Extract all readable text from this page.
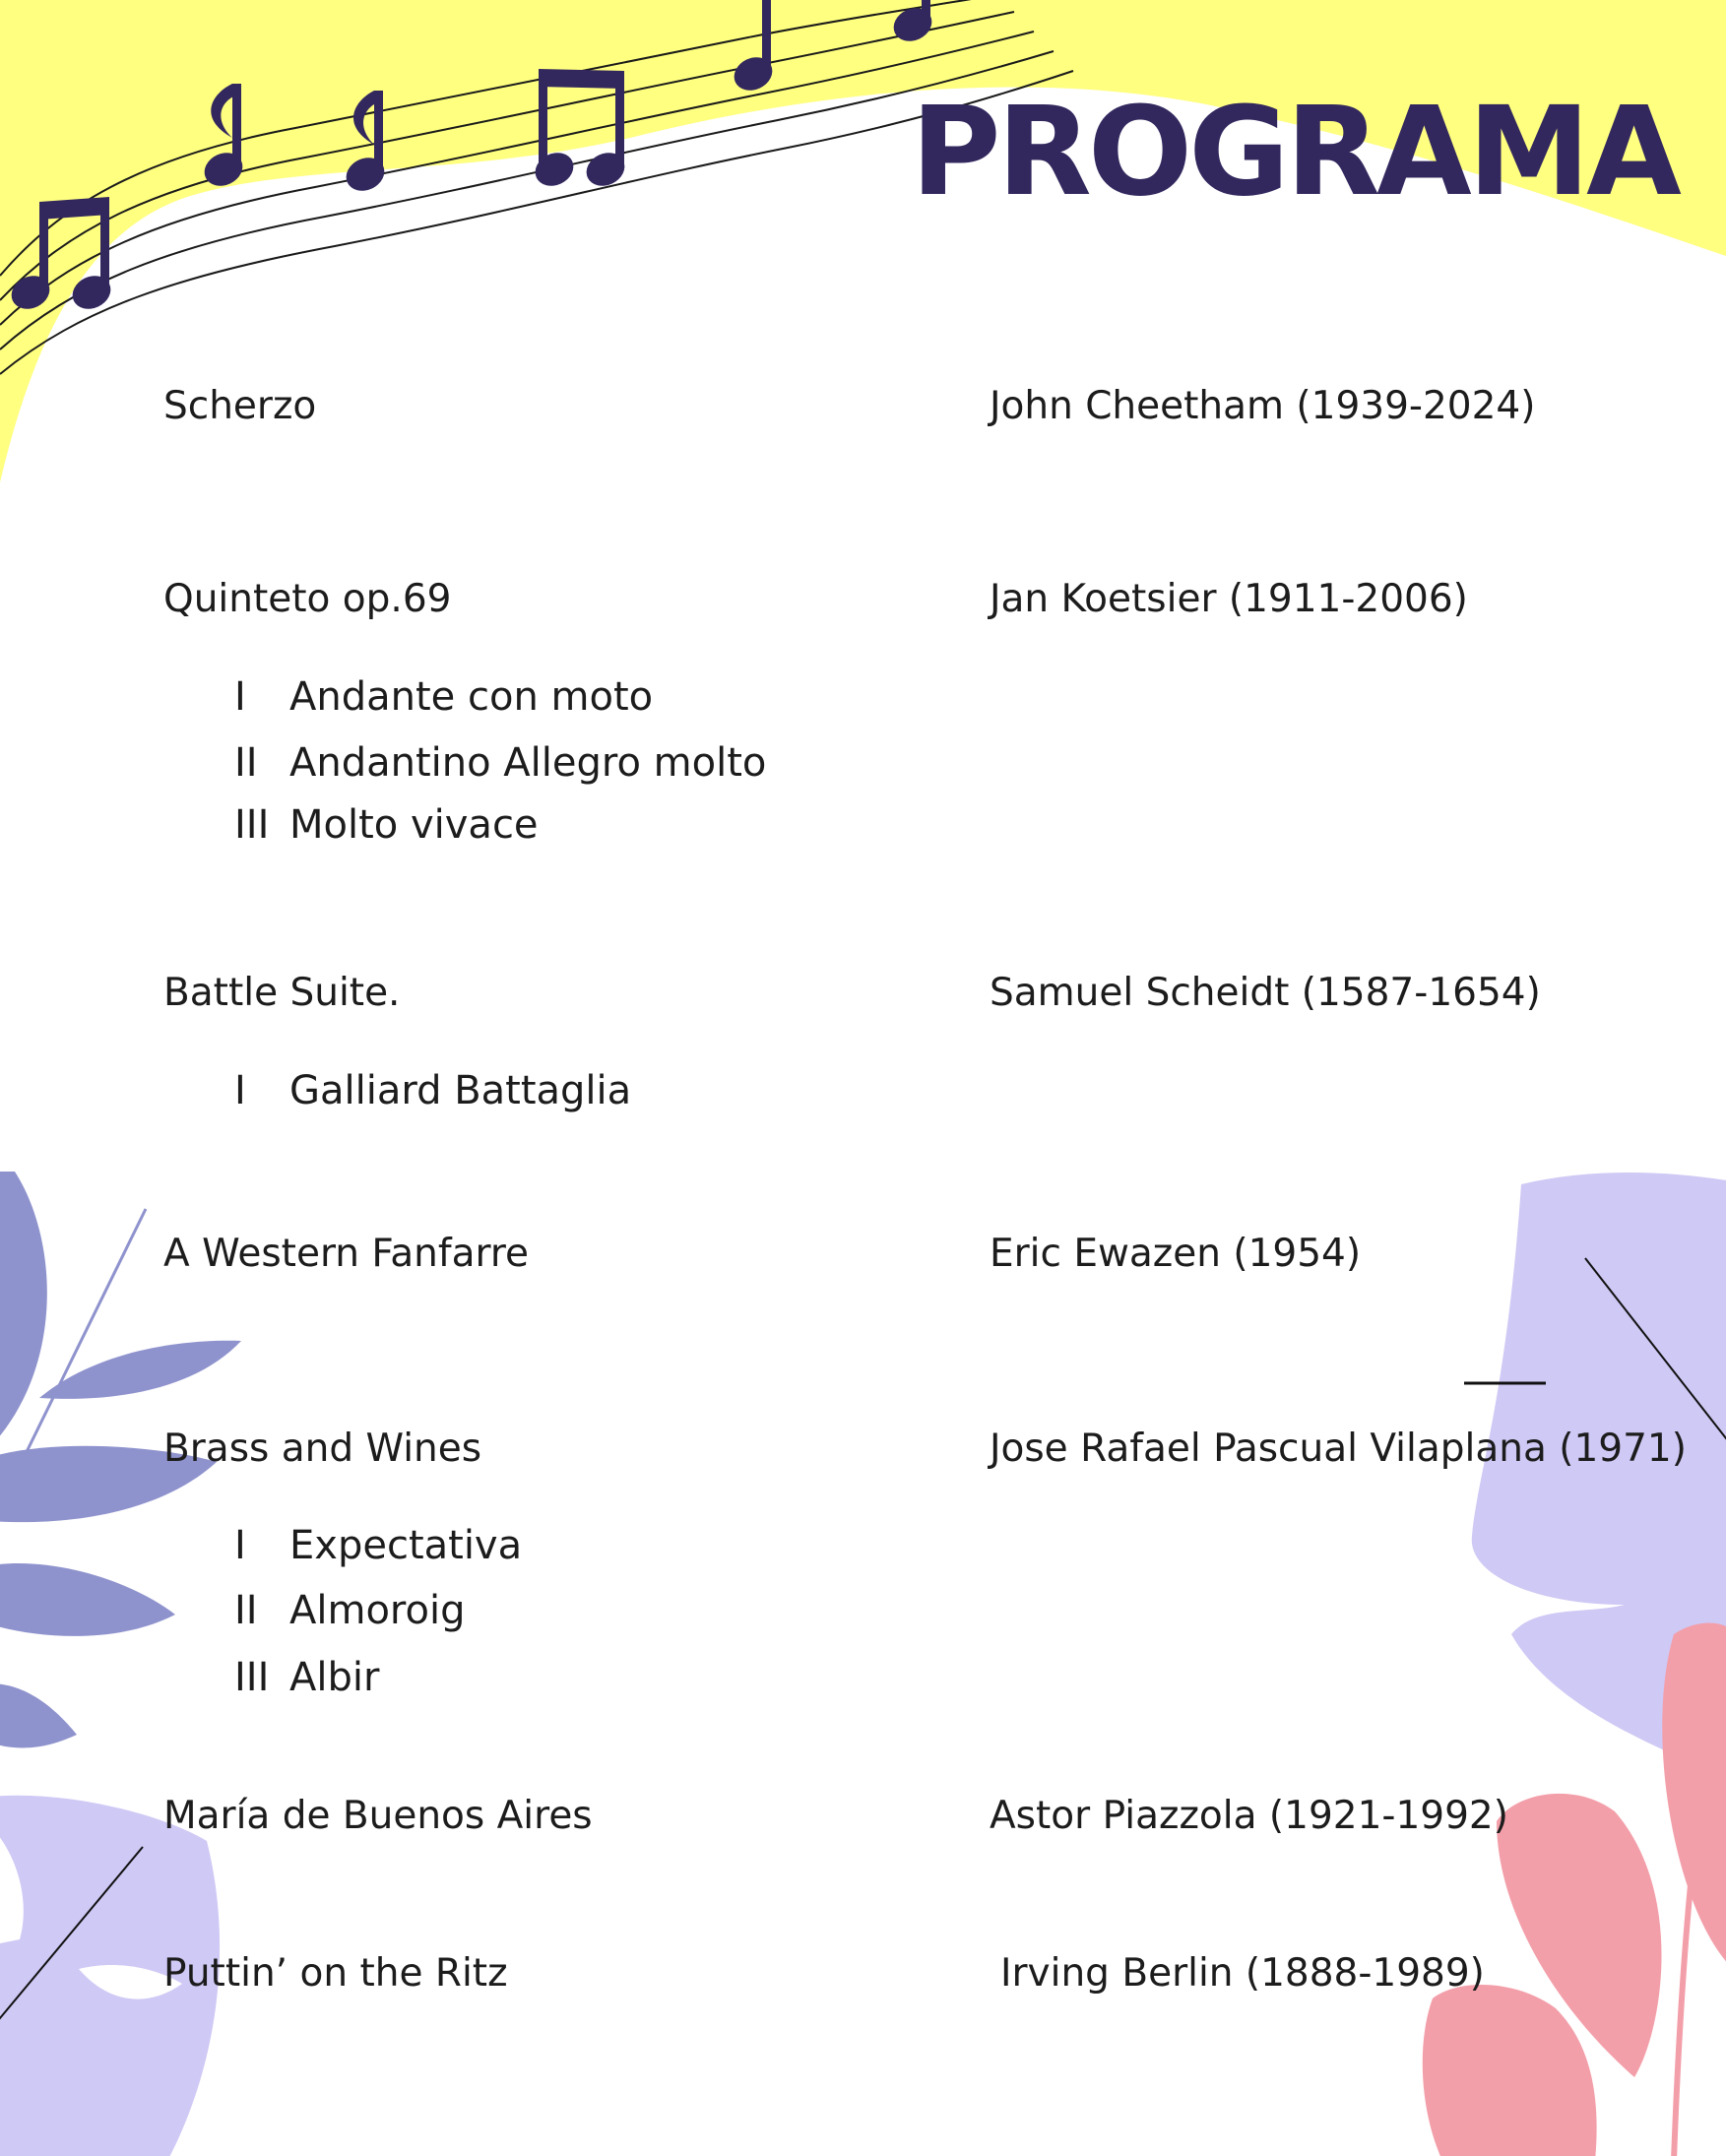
PROGRAMA
Scherzo	John Cheetham (1939-2024)
Quinteto op.69	Jan Koetsier (1911-2006)
I Andante con moto
II Andantino Allegro molto
III Molto vivace
Battle Suite.	Samuel Scheidt (1587-1654)
I Galliard Battaglia
A Western Fanfarre	Eric Ewazen (1954)
Brass and Wines	Jose Rafael Pascual Vilaplana (1971)
I Expectativa
II Almoroig
III Albir
María de Buenos Aires	Astor Piazzola (1921-1992)
Puttin’ on the Ritz	Irving Berlin (1888-1989)
